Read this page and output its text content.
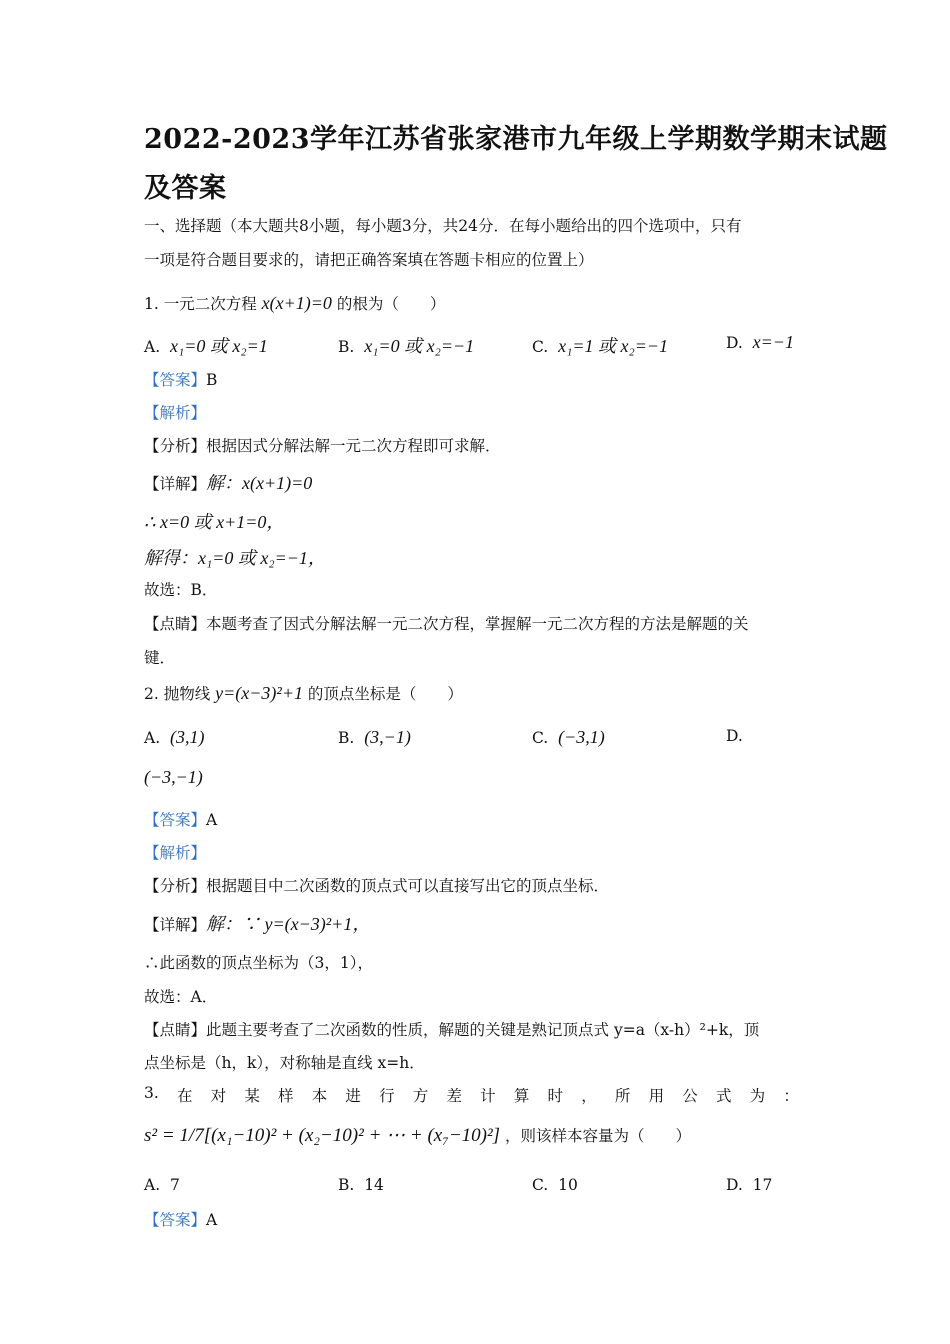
2022-2023学年江苏省张家港市九年级上学期数学期末试题
及答案
一、选择题（本大题共8小题，每小题3分，共24分．在每小题给出的四个选项中，只有
一项是符合题目要求的，请把正确答案填在答题卡相应的位置上）
1. 一元二次方程 x(x+1)=0 的根为（　　）
A. x₁=0 或 x₂=1	B. x₁=0 或 x₂=−1	C. x₁=1 或 x₂=−1	D. x=−1
【答案】B
【解析】
【分析】根据因式分解法解一元二次方程即可求解．
【详解】解：x(x+1)=0
∴ x=0 或 x+1=0，
解得：x₁=0 或 x₂=−1，
故选：B．
【点睛】本题考查了因式分解法解一元二次方程，掌握解一元二次方程的方法是解题的关
键．
2. 抛物线 y=(x−3)²+1 的顶点坐标是（　　）
A. (3,1)	B. (3,−1)	C. (−3,1)	D.
(−3,−1)
【答案】A
【解析】
【分析】根据题目中二次函数的顶点式可以直接写出它的顶点坐标．
【详解】解：∵ y=(x−3)²+1，
∴此函数的顶点坐标为（3，1），
故选：A．
【点睛】此题主要考查了二次函数的性质，解题的关键是熟记顶点式 y=a（x-h）²+k，顶
点坐标是（h，k），对称轴是直线 x=h．
3. 在 对 某 样 本 进 行 方 差 计 算 时 ， 所 用 公 式 为 ：
s² = 1/7[(x₁−10)² + (x₂−10)² + ⋯ + (x₇−10)²] ，则该样本容量为（　　）
A. 7	B. 14	C. 10	D. 17
【答案】A
